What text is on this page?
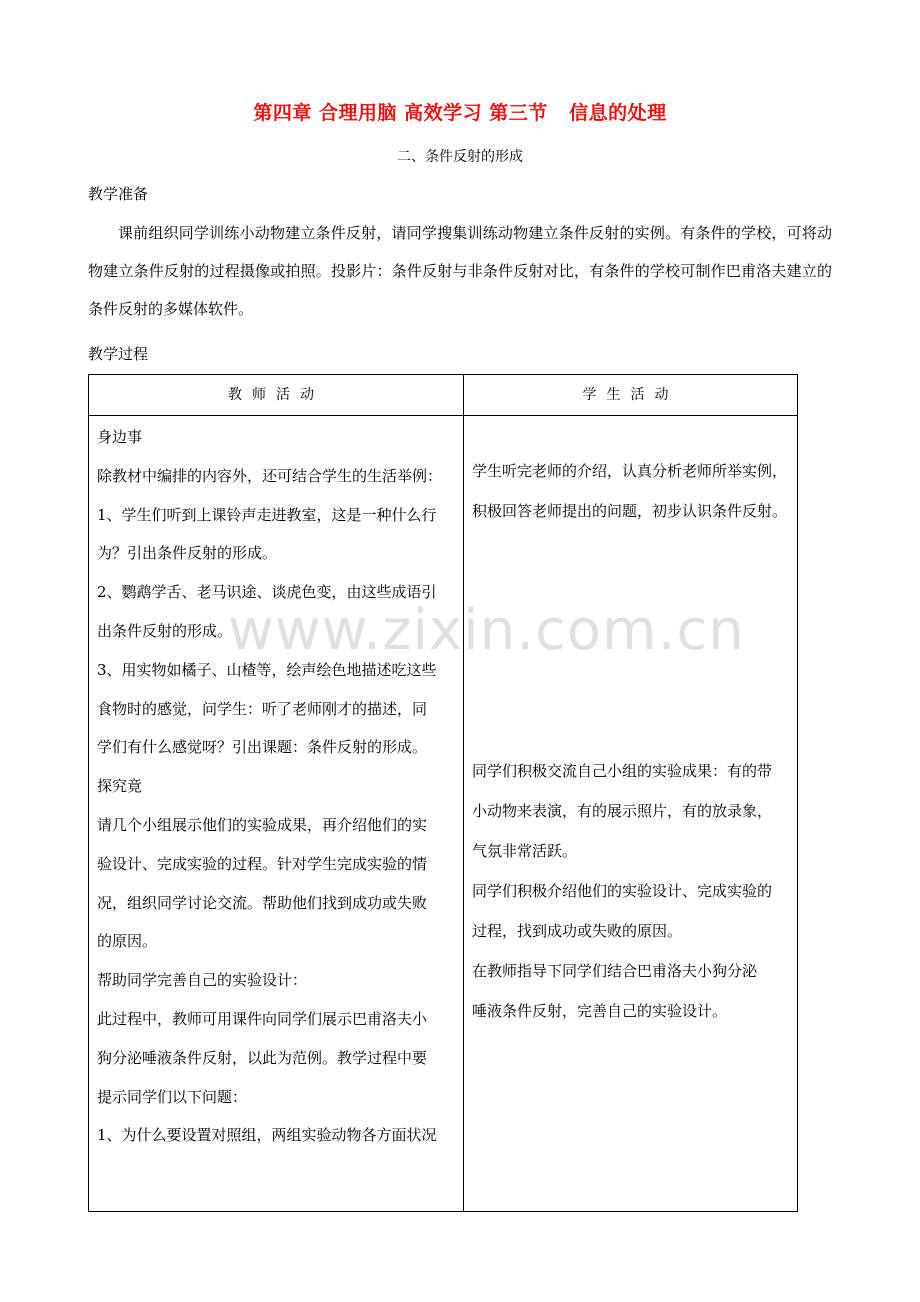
第四章 合理用脑 高效学习 第三节   信息的处理
二、条件反射的形成
教学准备
课前组织同学训练小动物建立条件反射，请同学搜集训练动物建立条件反射的实例。有条件的学校，可将动物建立条件反射的过程摄像或拍照。投影片：条件反射与非条件反射对比，有条件的学校可制作巴甫洛夫建立的条件反射的多媒体软件。
教学过程
教师活动	学生活动

身边事

除教材中编排的内容外，还可结合学生的生活举例：

1、学生们听到上课铃声走进教室，这是一种什么行

为？引出条件反射的形成。

2、鹦鹉学舌、老马识途、谈虎色变，由这些成语引

出条件反射的形成。

3、用实物如橘子、山楂等，绘声绘色地描述吃这些

食物时的感觉，问学生：听了老师刚才的描述，同

学们有什么感觉呀？引出课题：条件反射的形成。

探究竟

请几个小组展示他们的实验成果，再介绍他们的实

验设计、完成实验的过程。针对学生完成实验的情

况，组织同学讨论交流。帮助他们找到成功或失败

的原因。

帮助同学完善自己的实验设计：

此过程中，教师可用课件向同学们展示巴甫洛夫小

狗分泌唾液条件反射，以此为范例。教学过程中要

提示同学们以下问题：

1、为什么要设置对照组，两组实验动物各方面状况

学生听完老师的介绍，认真分析老师所举实例，

积极回答老师提出的问题，初步认识条件反射。

同学们积极交流自己小组的实验成果：有的带

小动物来表演，有的展示照片，有的放录象，

气氛非常活跃。

同学们积极介绍他们的实验设计、完成实验的

过程，找到成功或失败的原因。

在教师指导下同学们结合巴甫洛夫小狗分泌

唾液条件反射，完善自己的实验设计。

www.zixin.com.cn
